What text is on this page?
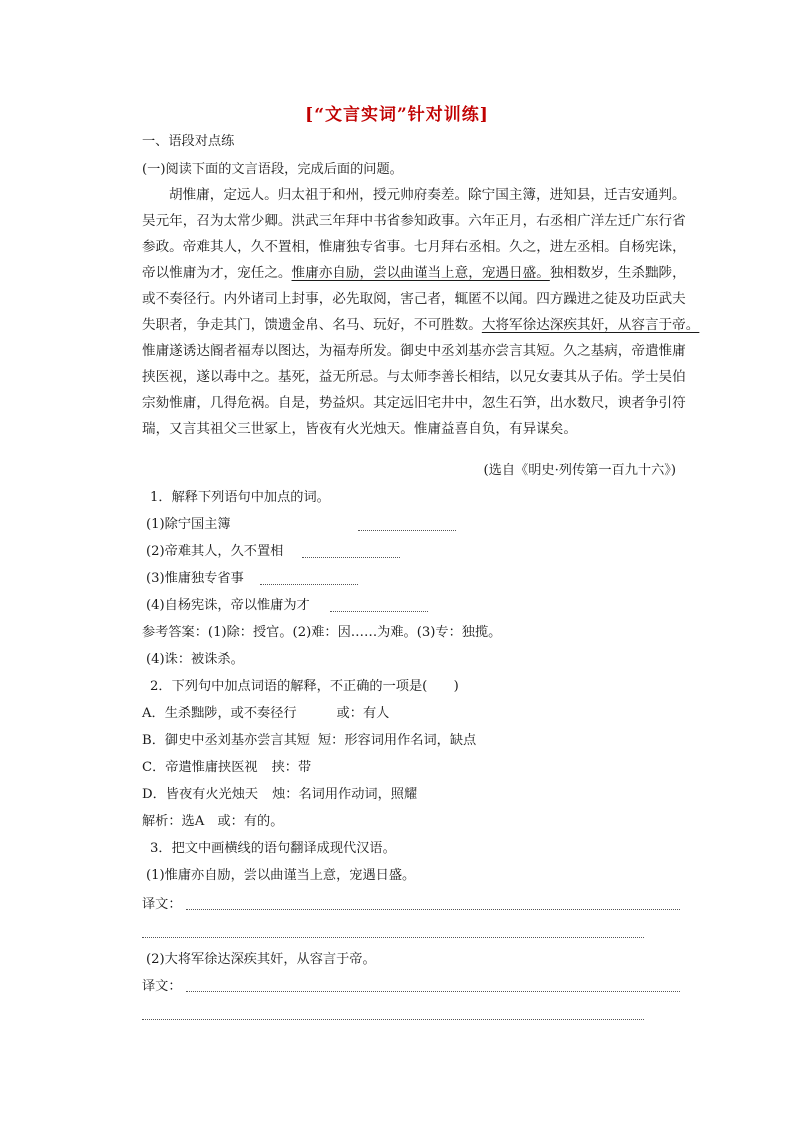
[“文言实词”针对训练]
一、语段对点练
(一)阅读下面的文言语段，完成后面的问题。

胡惟庸，定远人。归太祖于和州，授元帅府奏差。除宁国主簿，进知县，迁吉安通判。

吴元年，召为太常少卿。洪武三年拜中书省参知政事。六年正月，右丞相广洋左迁广东行省

参政。帝难其人，久不置相，惟庸独专省事。七月拜右丞相。久之，进左丞相。自杨宪诛，

帝以惟庸为才，宠任之。惟庸亦自励，尝以曲谨当上意，宠遇日盛。独相数岁，生杀黜陟，

或不奏径行。内外诸司上封事，必先取阅，害己者，辄匿不以闻。四方躁进之徒及功臣武夫

失职者，争走其门，馈遗金帛、名马、玩好，不可胜数。大将军徐达深疾其奸，从容言于帝。

惟庸遂诱达阍者福寿以图达，为福寿所发。御史中丞刘基亦尝言其短。久之基病，帝遣惟庸

挟医视，遂以毒中之。基死，益无所忌。与太师李善长相结，以兄女妻其从子佑。学士吴伯

宗劾惟庸，几得危祸。自是，势益炽。其定远旧宅井中，忽生石笋，出水数尺，谀者争引符

瑞，又言其祖父三世冢上，皆夜有火光烛天。惟庸益喜自负，有异谋矣。

(选自《明史·列传第一百九十六》)
1．解释下列语句中加点的词。
(1)除宁国主簿
(2)帝难其人，久不置相
(3)惟庸独专省事
(4)自杨宪诛，帝以惟庸为才
参考答案：(1)除：授官。(2)难：因……为难。(3)专：独揽。
(4)诛：被诛杀。
2．下列句中加点词语的解释，不正确的一项是(　　)
A．生杀黜陟，或不奏径行	或：有人
B．御史中丞刘基亦尝言其短 短：形容词用作名词，缺点
C．帝遣惟庸挟医视 挟：带
D．皆夜有火光烛天 烛：名词用作动词，照耀
解析：选A　或：有的。
3．把文中画横线的语句翻译成现代汉语。
(1)惟庸亦自励，尝以曲谨当上意，宠遇日盛。
译文：
(2)大将军徐达深疾其奸，从容言于帝。
译文：
